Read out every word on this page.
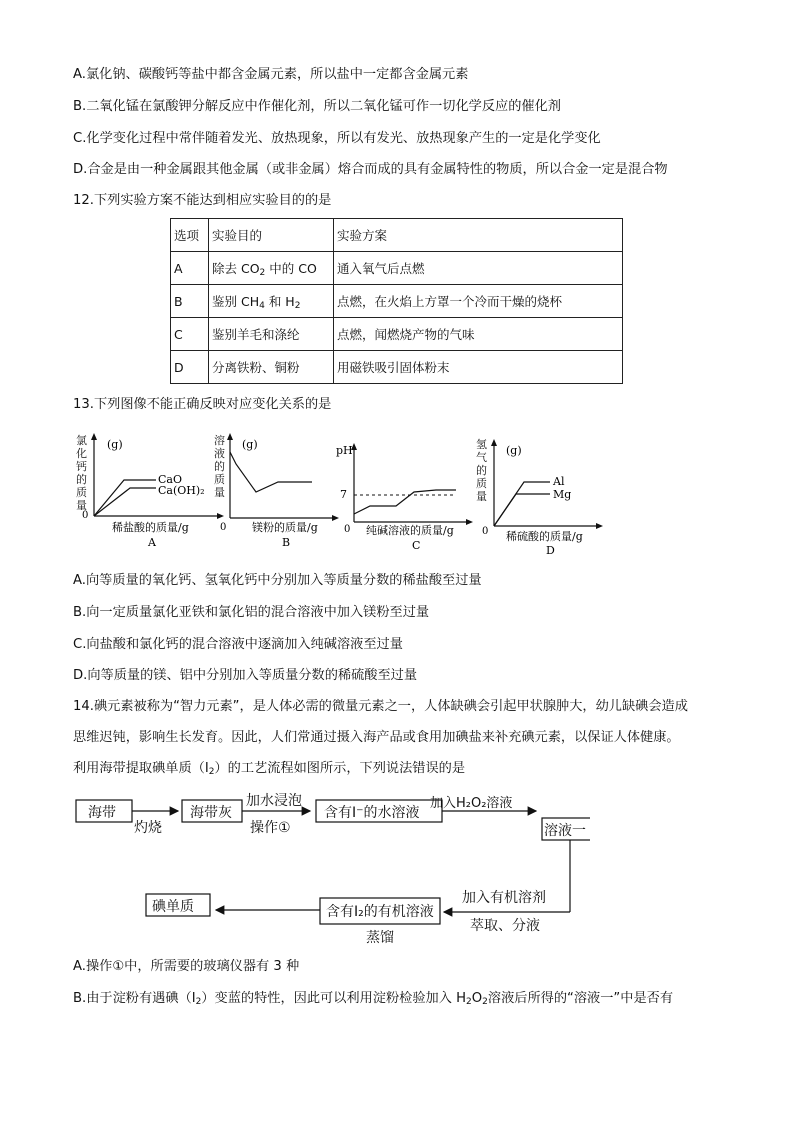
A.氯化钠、碳酸钙等盐中都含金属元素，所以盐中一定都含金属元素
B.二氧化锰在氯酸钾分解反应中作催化剂，所以二氧化锰可作一切化学反应的催化剂
C.化学变化过程中常伴随着发光、放热现象，所以有发光、放热现象产生的一定是化学变化
D.合金是由一种金属跟其他金属（或非金属）熔合而成的具有金属特性的物质，所以合金一定是混合物
12.下列实验方案不能达到相应实验目的的是
选项	实验目的	实验方案
A	除去 $CO_2$ 中的 CO	通入氧气后点燃
B	鉴别 $CH_4$ 和 $H_2$	点燃，在火焰上方罩一个冷而干燥的烧杯
C	鉴别羊毛和涤纶	点燃，闻燃烧产物的气味
D	分离铁粉、铜粉	用磁铁吸引固体粉末
13.下列图像不能正确反映对应变化关系的是
氯
化
钙
的
质
量
(g)
CaO
Ca(OH)₂
0
稀盐酸的质量/g
A
溶
液
的
质
量
(g)
0 镁粉的质量/g
B
pH
7
0 纯碱溶液的质量/g
C
氢
气
的
质
量
(g)
Al
Mg
0 稀硫酸的质量/g
D
A.向等质量的氧化钙、氢氧化钙中分别加入等质量分数的稀盐酸至过量
B.向一定质量氯化亚铁和氯化铝的混合溶液中加入镁粉至过量
C.向盐酸和氯化钙的混合溶液中逐滴加入纯碱溶液至过量
D.向等质量的镁、铝中分别加入等质量分数的稀硫酸至过量
14.碘元素被称为“智力元素”，是人体必需的微量元素之一，人体缺碘会引起甲状腺肿大，幼儿缺碘会造成
思维迟钝，影响生长发育。因此，人们常通过摄入海产品或食用加碘盐来补充碘元素，以保证人体健康。
利用海带提取碘单质$(I_2)$的工艺流程如图所示，下列说法错误的是
海带
灼烧
海带灰
加水浸泡
操作①
含有I⁻的水溶液
加入H₂O₂溶液
溶液一
加入有机溶剂
萃取、分液
含有I₂的有机溶液
蒸馏
碘单质
A.操作①中，所需要的玻璃仪器有 3 种
B.由于淀粉有遇碘$(I_2)$变蓝的特性，因此可以利用淀粉检验加入 $H_2O_2$溶液后所得的“溶液一”中是否有
